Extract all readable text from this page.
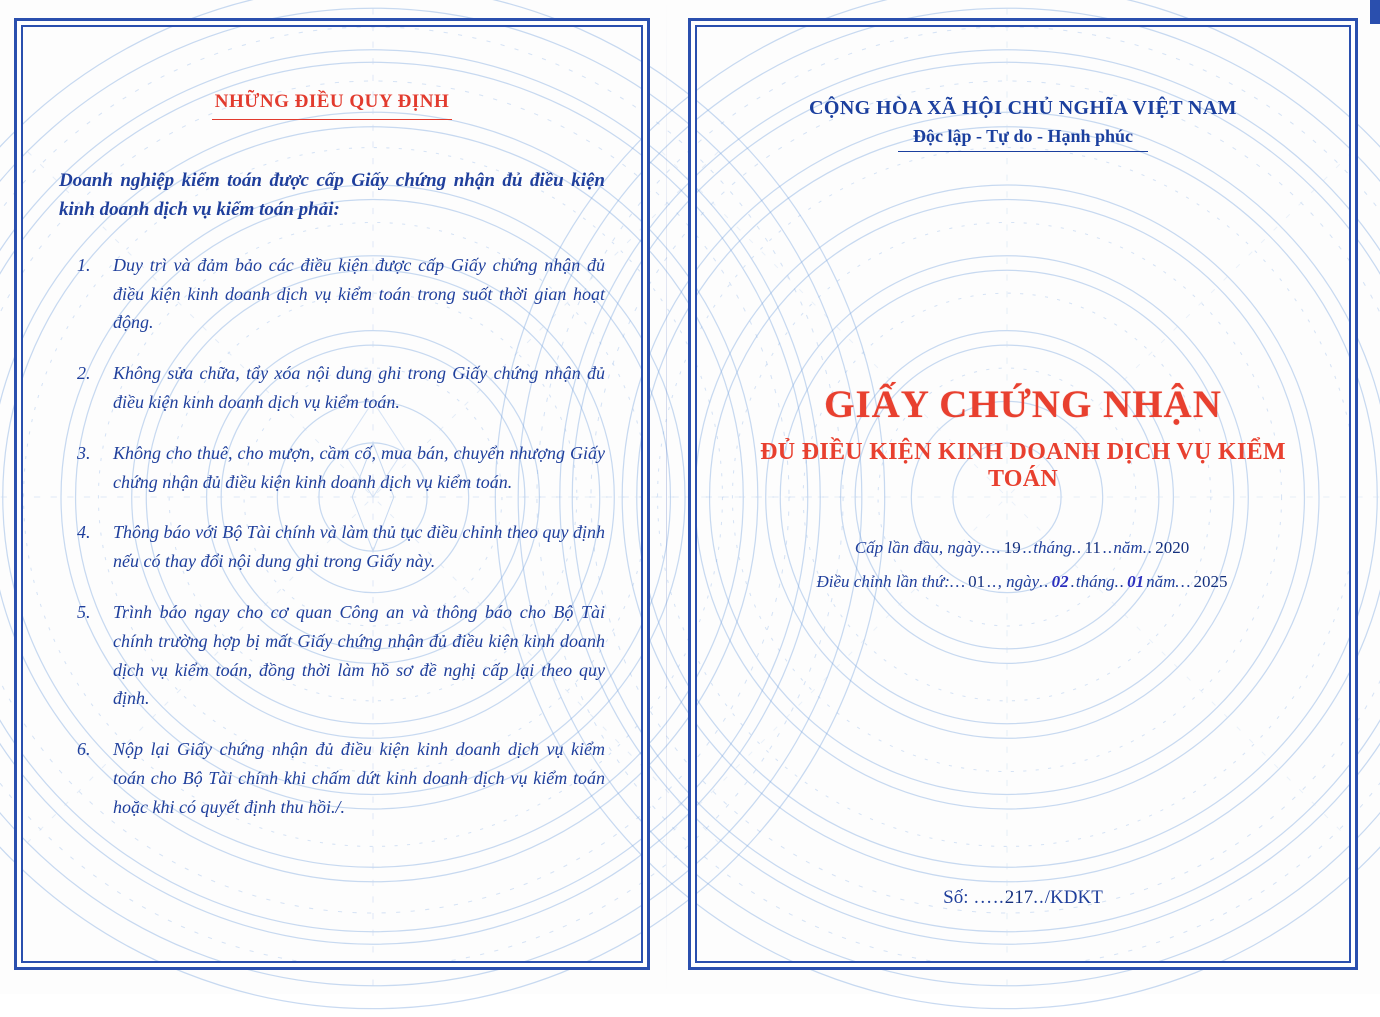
NHỮNG ĐIỀU QUY ĐỊNH

Doanh nghiệp kiểm toán được cấp Giấy chứng nhận đủ điều kiện kinh doanh dịch vụ kiểm toán phải:

Duy trì và đảm bảo các điều kiện được cấp Giấy chứng nhận đủ điều kiện kinh doanh dịch vụ kiểm toán trong suốt thời gian hoạt động.
Không sửa chữa, tẩy xóa nội dung ghi trong Giấy chứng nhận đủ điều kiện kinh doanh dịch vụ kiểm toán.
Không cho thuê, cho mượn, cầm cố, mua bán, chuyển nhượng Giấy chứng nhận đủ điều kiện kinh doanh dịch vụ kiểm toán.
Thông báo với Bộ Tài chính và làm thủ tục điều chỉnh theo quy định nếu có thay đổi nội dung ghi trong Giấy này.
Trình báo ngay cho cơ quan Công an và thông báo cho Bộ Tài chính trường hợp bị mất Giấy chứng nhận đủ điều kiện kinh doanh dịch vụ kiểm toán, đồng thời làm hồ sơ đề nghị cấp lại theo quy định.
Nộp lại Giấy chứng nhận đủ điều kiện kinh doanh dịch vụ kiểm toán cho Bộ Tài chính khi chấm dứt kinh doanh dịch vụ kiểm toán hoặc khi có quyết định thu hồi./.
CỘNG HÒA XÃ HỘI CHỦ NGHĨA VIỆT NAM
Độc lập - Tự do - Hạnh phúc
GIẤY CHỨNG NHẬN
ĐỦ ĐIỀU KIỆN KINH DOANH DỊCH VỤ KIỂM TOÁN
Cấp lần đầu, ngày…. 19 ..tháng.. 11 ..năm.. 2020
Điều chỉnh lần thứ:… 01 .., ngày.. 02 .tháng.. 01 năm… 2025
Số: …..217../KDKT
